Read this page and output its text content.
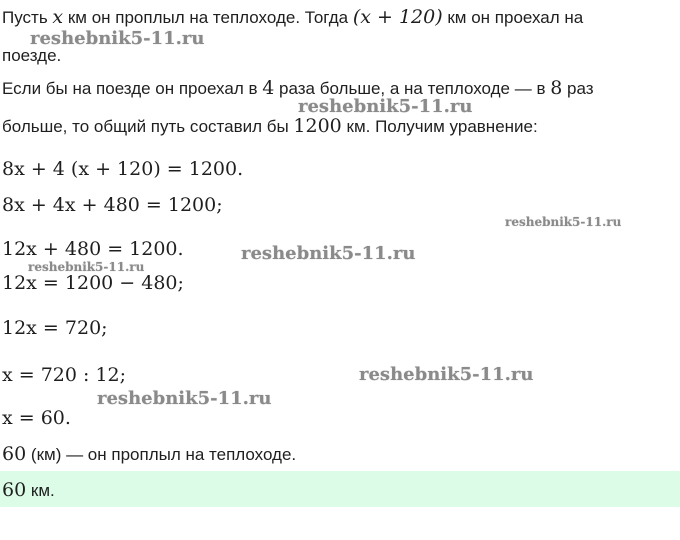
Пусть x км он проплыл на теплоходе. Тогда (x + 120) км он проехал на
поезде.
Если бы на поезде он проехал в 4 раза больше, а на теплоходе — в 8 раз
больше, то общий путь составил бы 1200 км. Получим уравнение:
8x + 4 (x + 120) = 1200.
8x + 4x + 480 = 1200;
12x + 480 = 1200.
12x = 1200 − 480;
12x = 720;
x = 720 : 12;
x = 60.
60 (км) — он проплыл на теплоходе.
60 км.
reshebnik5-11.ru
reshebnik5-11.ru
reshebnik5-11.ru
reshebnik5-11.ru
reshebnik5-11.ru
reshebnik5-11.ru
reshebnik5-11.ru
